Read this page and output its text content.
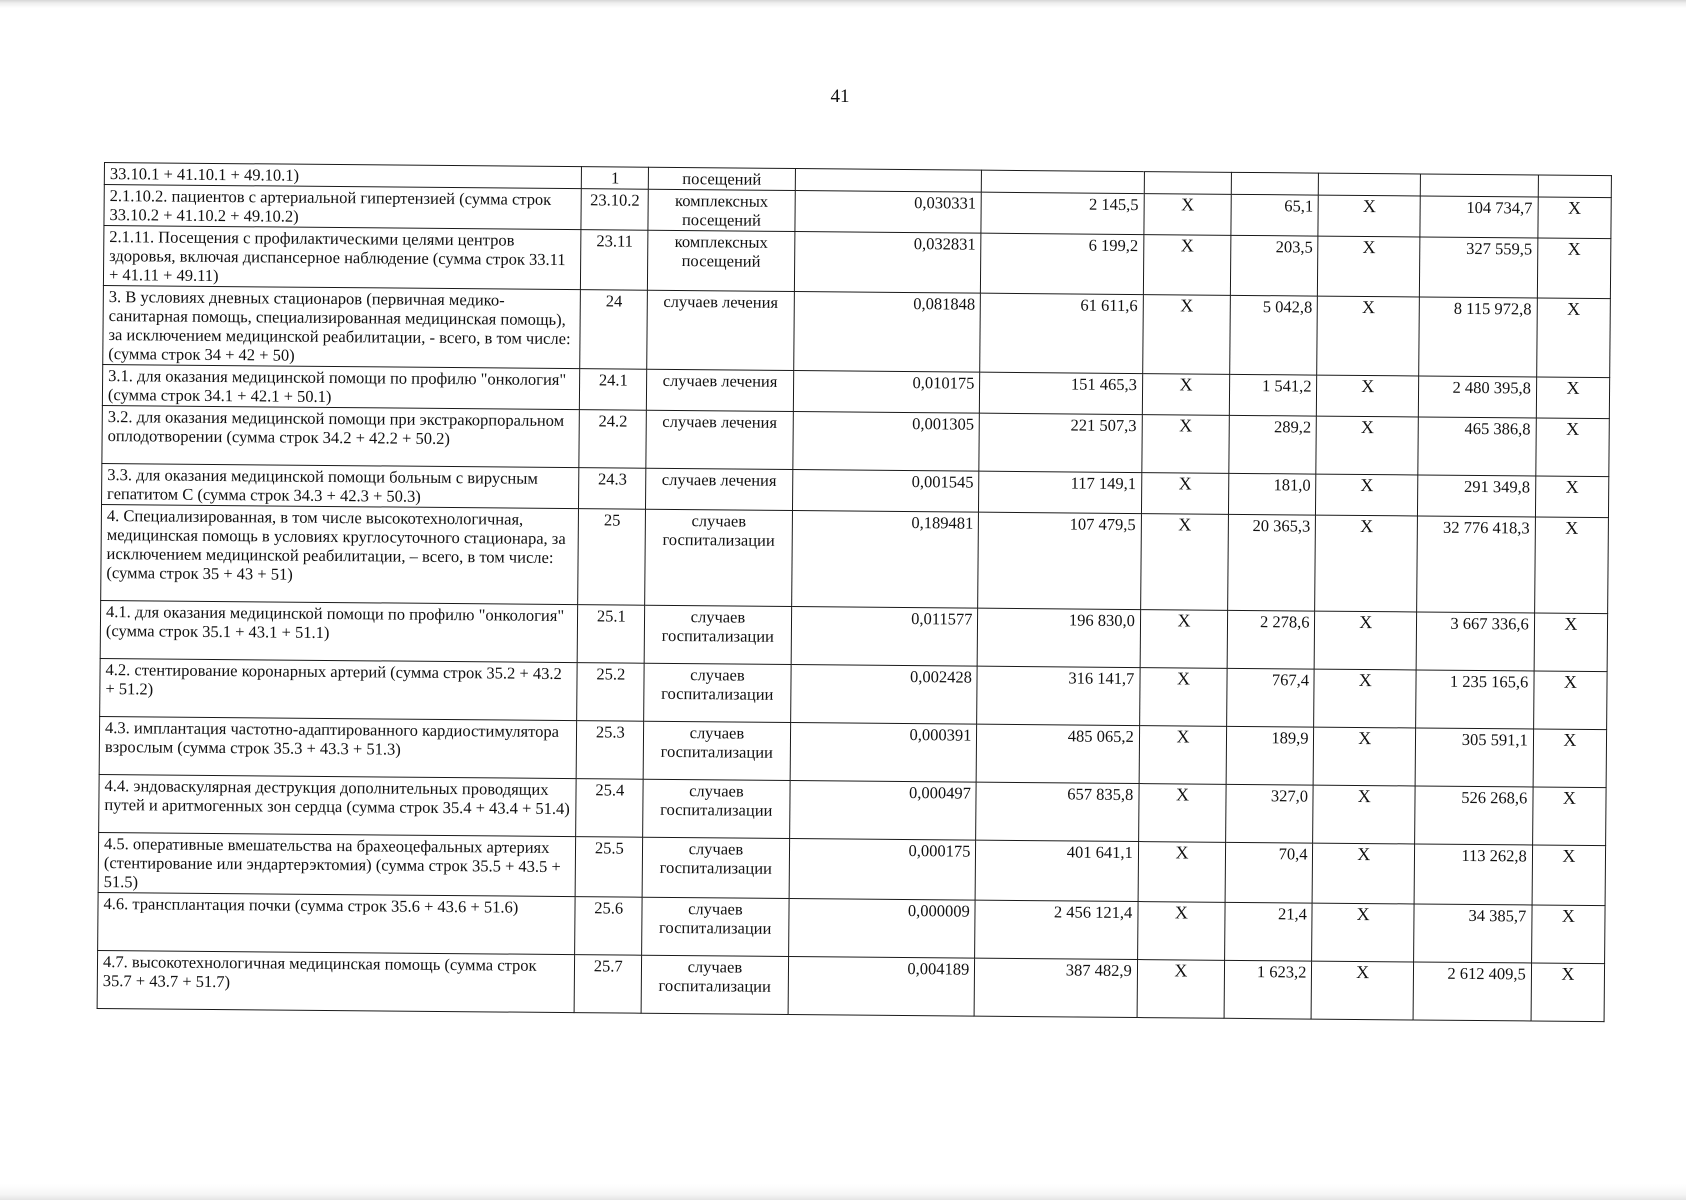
41
33.10.1 + 41.10.1 + 49.10.1)	1	посещений							
2.1.10.2. пациентов с артериальной гипертензией (сумма строк 33.10.2 + 41.10.2 + 49.10.2)	23.10.2	комплексных посещений	0,030331	2 145,5	X	65,1	X	104 734,7	X
2.1.11. Посещения с профилактическими целями центров здоровья, включая диспансерное наблюдение (сумма строк 33.11 + 41.11 + 49.11)	23.11	комплексных посещений	0,032831	6 199,2	X	203,5	X	327 559,5	X
3. В условиях дневных стационаров (первичная медико-санитарная помощь, специализированная медицинская помощь), за исключением медицинской реабилитации, - всего, в том числе: (сумма строк 34 + 42 + 50)	24	случаев лечения	0,081848	61 611,6	X	5 042,8	X	8 115 972,8	X
3.1. для оказания медицинской помощи по профилю "онкология" (сумма строк 34.1 + 42.1 + 50.1)	24.1	случаев лечения	0,010175	151 465,3	X	1 541,2	X	2 480 395,8	X
3.2. для оказания медицинской помощи при экстракорпоральном оплодотворении (сумма строк 34.2 + 42.2 + 50.2)	24.2	случаев лечения	0,001305	221 507,3	X	289,2	X	465 386,8	X
3.3. для оказания медицинской помощи больным с вирусным гепатитом С (сумма строк 34.3 + 42.3 + 50.3)	24.3	случаев лечения	0,001545	117 149,1	X	181,0	X	291 349,8	X
4. Специализированная, в том числе высокотехнологичная, медицинская помощь в условиях круглосуточного стационара, за исключением медицинской реабилитации, – всего, в том числе: (сумма строк 35 + 43 + 51)	25	случаев госпитализации	0,189481	107 479,5	X	20 365,3	X	32 776 418,3	X
4.1. для оказания медицинской помощи по профилю "онкология" (сумма строк 35.1 + 43.1 + 51.1)	25.1	случаев госпитализации	0,011577	196 830,0	X	2 278,6	X	3 667 336,6	X
4.2. стентирование коронарных артерий (сумма строк 35.2 + 43.2 + 51.2)	25.2	случаев госпитализации	0,002428	316 141,7	X	767,4	X	1 235 165,6	X
4.3. имплантация частотно-адаптированного кардиостимулятора взрослым (сумма строк 35.3 + 43.3 + 51.3)	25.3	случаев госпитализации	0,000391	485 065,2	X	189,9	X	305 591,1	X
4.4. эндоваскулярная деструкция дополнительных проводящих путей и аритмогенных зон сердца (сумма строк 35.4 + 43.4 + 51.4)	25.4	случаев госпитализации	0,000497	657 835,8	X	327,0	X	526 268,6	X
4.5. оперативные вмешательства на брахеоцефальных артериях (стентирование или эндартерэктомия) (сумма строк 35.5 + 43.5 + 51.5)	25.5	случаев госпитализации	0,000175	401 641,1	X	70,4	X	113 262,8	X
4.6. трансплантация почки (сумма строк 35.6 + 43.6 + 51.6)	25.6	случаев госпитализации	0,000009	2 456 121,4	X	21,4	X	34 385,7	X
4.7. высокотехнологичная медицинская помощь (сумма строк 35.7 + 43.7 + 51.7)	25.7	случаев госпитализации	0,004189	387 482,9	X	1 623,2	X	2 612 409,5	X
